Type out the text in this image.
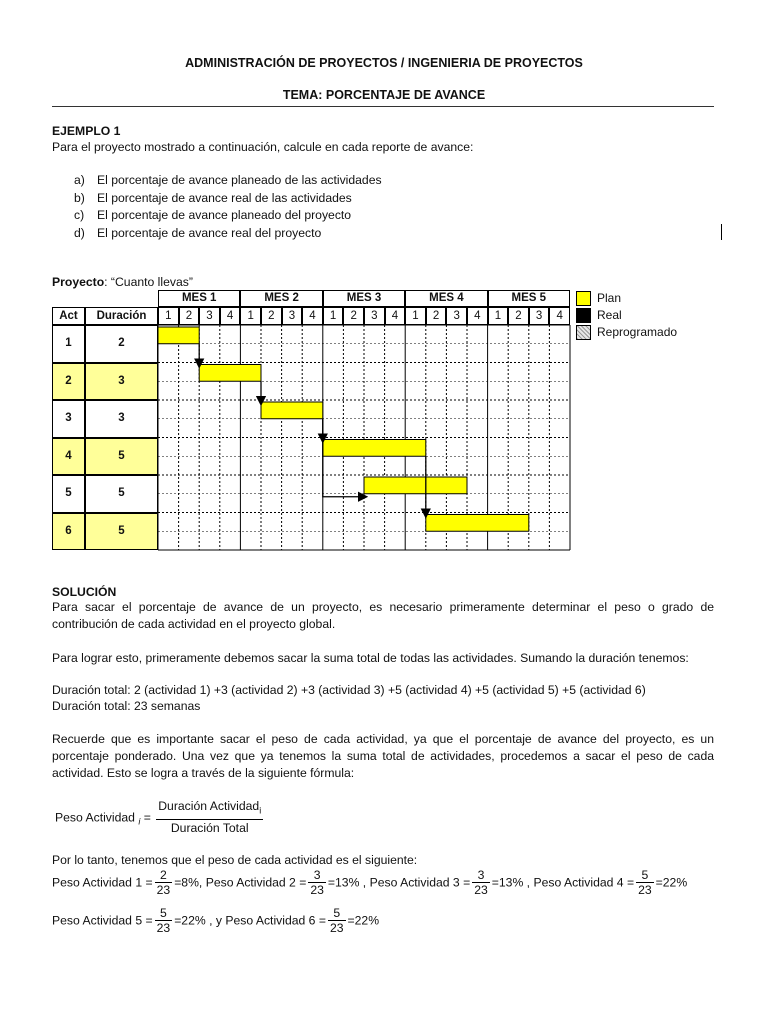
ADMINISTRACIÓN DE PROYECTOS / INGENIERIA DE PROYECTOS
TEMA: PORCENTAJE DE AVANCE
EJEMPLO 1
Para el proyecto mostrado a continuación, calcule en cada reporte de avance:
a) El porcentaje de avance planeado de las actividades
b) El porcentaje de avance real de las actividades
c) El porcentaje de avance planeado del proyecto
d) El porcentaje de avance real del proyecto
Proyecto: “Cuanto llevas”
MES 1	MES 2	MES 3	MES 4	MES 5
Act	Duración	1	2	3	4	1	2	3	4	1	2	3	4	1	2	3	4	1	2	3	4
1	2
2	3
3	3
4	5
5	5
6	5
Plan
Real
Reprogramado
SOLUCIÓN
Para sacar el porcentaje de avance de un proyecto, es necesario primeramente determinar el peso o grado de contribución de cada actividad en el proyecto global.
Para lograr esto, primeramente debemos sacar la suma total de todas las actividades. Sumando la duración tenemos:
Duración total: 2 (actividad 1) +3 (actividad 2) +3 (actividad 3) +5 (actividad 4) +5 (actividad 5) +5 (actividad 6)
Duración total: 23 semanas
Recuerde que es importante sacar el peso de cada actividad, ya que el porcentaje de avance del proyecto, es un porcentaje ponderado. Una vez que ya tenemos la suma total de actividades, procedemos a sacar el peso de cada actividad. Esto se logra a través de la siguiente fórmula:
Peso Actividad $_i = \frac{Duración Actividad_i}{\text{Duración Total}}$
Por lo tanto, tenemos que el peso de cada actividad es el siguiente:
Peso Actividad $1 = \frac{2}{23} =8\%$, Peso Actividad $2 = \frac{3}{23} =13\%$ , Peso Actividad $3 = \frac{3}{23} =13\%$ , Peso Actividad $4 = \frac{5}{23} =22\%$
Peso Actividad $5 = \frac{5}{23} =22\%$ , y Peso Actividad $6 = \frac{5}{23} =22\%$
